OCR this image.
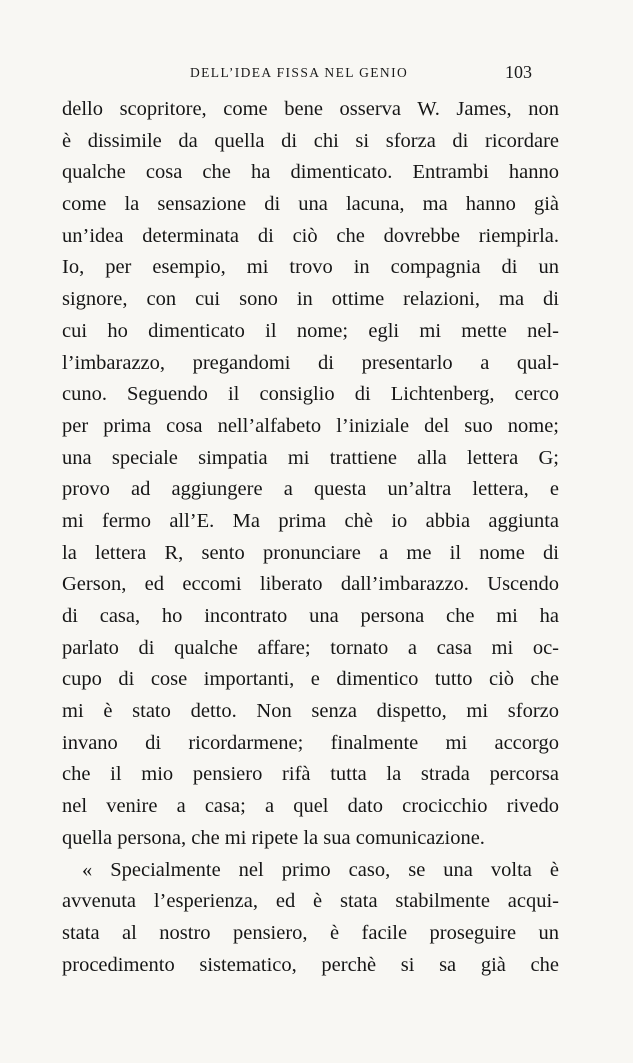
DELL’IDEA FISSA NEL GENIO	103
dello scopritore, come bene osserva W. James, non
è dissimile da quella di chi si sforza di ricordare
qualche cosa che ha dimenticato. Entrambi hanno
come la sensazione di una lacuna, ma hanno già
un’idea determinata di ciò che dovrebbe riempirla.
Io, per esempio, mi trovo in compagnia di un
signore, con cui sono in ottime relazioni, ma di
cui ho dimenticato il nome; egli mi mette nel-
l’imbarazzo, pregandomi di presentarlo a qual-
cuno. Seguendo il consiglio di Lichtenberg, cerco
per prima cosa nell’alfabeto l’iniziale del suo nome;
una speciale simpatia mi trattiene alla lettera G;
provo ad aggiungere a questa un’altra lettera, e
mi fermo all’E. Ma prima chè io abbia aggiunta
la lettera R, sento pronunciare a me il nome di
Gerson, ed eccomi liberato dall’imbarazzo. Uscendo
di casa, ho incontrato una persona che mi ha
parlato di qualche affare; tornato a casa mi oc-
cupo di cose importanti, e dimentico tutto ciò che
mi è stato detto. Non senza dispetto, mi sforzo
invano di ricordarmene; finalmente mi accorgo
che il mio pensiero rifà tutta la strada percorsa
nel venire a casa; a quel dato crocicchio rivedo
quella persona, che mi ripete la sua comunicazione.
« Specialmente nel primo caso, se una volta è
avvenuta l’esperienza, ed è stata stabilmente acqui-
stata al nostro pensiero, è facile proseguire un
procedimento sistematico, perchè si sa già che
